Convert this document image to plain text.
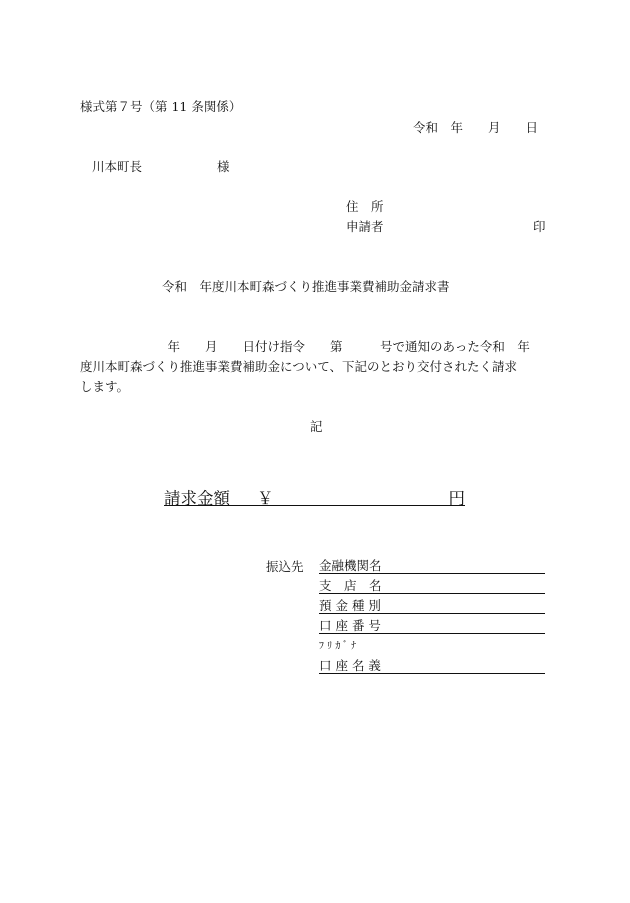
様式第７号（第 11 条関係）
令和　年　　月　　日
川本町長　　　　　　様
住　所
申請者	印
令和　年度川本町森づくり推進事業費補助金請求書
　　　　　　　年　　月　　日付け指令　　第　　　号で通知のあった令和　年
度川本町森づくり推進事業費補助金について、下記のとおり交付されたく請求
します。
記
請求金額 ￥	円
振込先 金融機関名
支　店　名
預 金 種 別
口 座 番 号
ﾌ ﾘ ｶ ﾞ ﾅ
口 座 名 義
